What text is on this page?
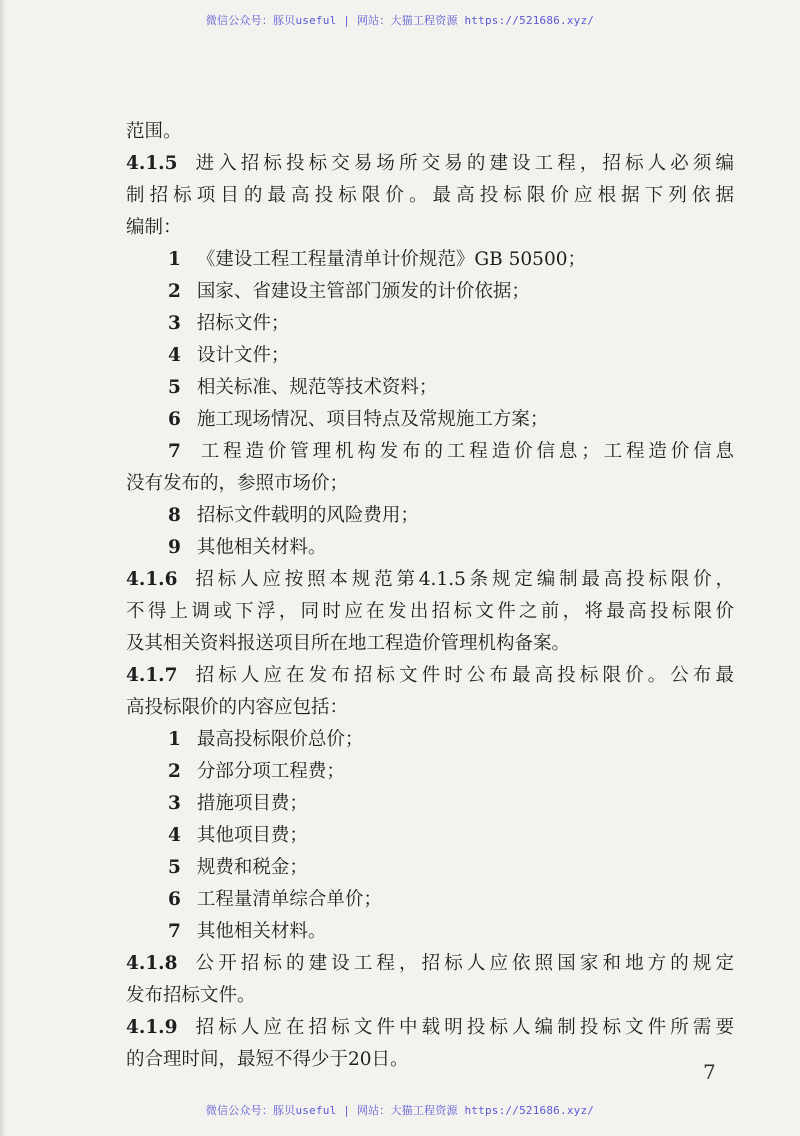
微信公众号：豚贝useful | 网站：大猫工程资源 https://521686.xyz/
范围。
4.1.5 进入招标投标交易场所交易的建设工程，招标人必须编
制招标项目的最高投标限价。最高投标限价应根据下列依据
编制：
1 《建设工程工程量清单计价规范》GB 50500；
2 国家、省建设主管部门颁发的计价依据；
3 招标文件；
4 设计文件；
5 相关标准、规范等技术资料；
6 施工现场情况、项目特点及常规施工方案；
7 工程造价管理机构发布的工程造价信息；工程造价信息
没有发布的，参照市场价；
8 招标文件载明的风险费用；
9 其他相关材料。
4.1.6 招标人应按照本规范第4.1.5条规定编制最高投标限价，
不得上调或下浮，同时应在发出招标文件之前，将最高投标限价
及其相关资料报送项目所在地工程造价管理机构备案。
4.1.7 招标人应在发布招标文件时公布最高投标限价。公布最
高投标限价的内容应包括：
1 最高投标限价总价；
2 分部分项工程费；
3 措施项目费；
4 其他项目费；
5 规费和税金；
6 工程量清单综合单价；
7 其他相关材料。
4.1.8 公开招标的建设工程，招标人应依照国家和地方的规定
发布招标文件。
4.1.9 招标人应在招标文件中载明投标人编制投标文件所需要
的合理时间，最短不得少于20日。
7
微信公众号：豚贝useful | 网站：大猫工程资源 https://521686.xyz/
